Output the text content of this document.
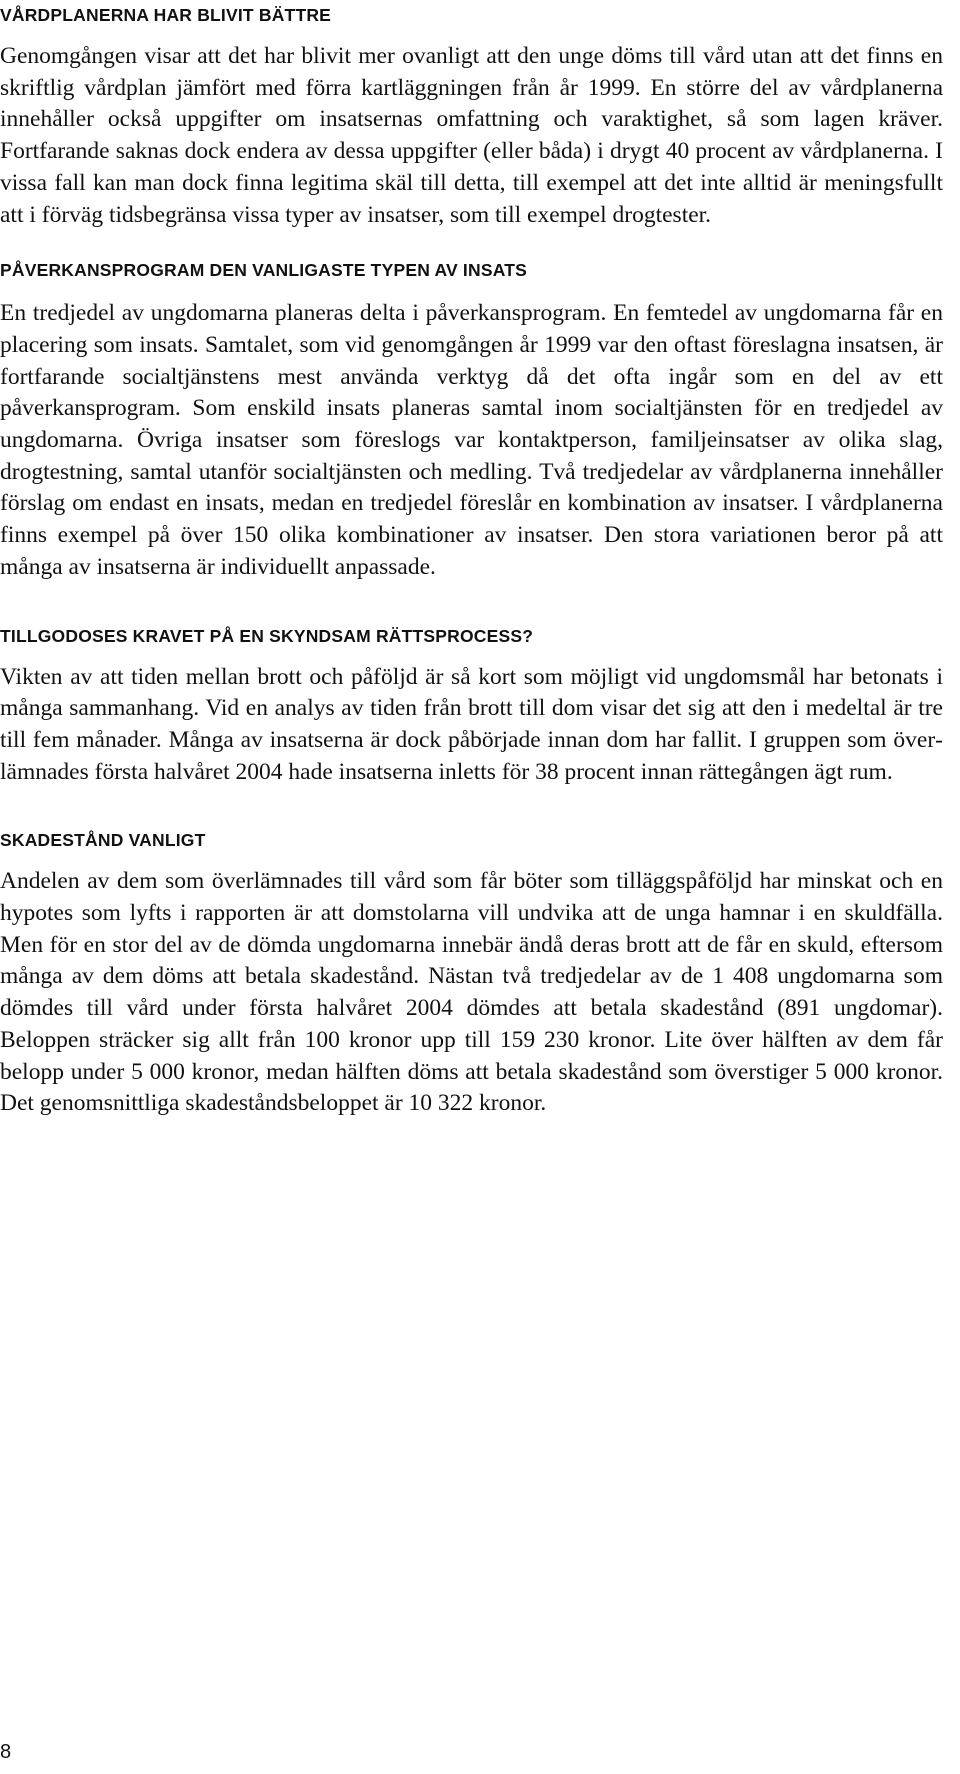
VÅRDPLANERNA HAR BLIVIT BÄTTRE

Genomgången visar att det har blivit mer ovanligt att den unge döms till vård utan att det finns en skriftlig vårdplan jämfört med förra kartläggningen från år 1999. En större del av vårdplanerna innehåller också uppgifter om insatsernas omfattning och varaktighet, så som lagen kräver. Fortfarande saknas dock endera av dessa uppgifter (eller båda) i drygt 40 procent av vårdplanerna. I vissa fall kan man dock finna legitima skäl till detta, till exempel att det inte alltid är meningsfullt att i förväg tidsbegränsa vissa typer av insatser, som till exempel drogtester.

PÅVERKANSPROGRAM DEN VANLIGASTE TYPEN AV INSATS

En tredjedel av ungdomarna planeras delta i påverkansprogram. En femtedel av ungdomarna får en placering som insats. Samtalet, som vid genomgången år 1999 var den oftast föreslagna insatsen, är fortfarande socialtjänstens mest använda verktyg då det ofta ingår som en del av ett påverkansprogram. Som enskild insats planeras samtal inom socialtjänsten för en tredjedel av ungdomarna. Övriga insatser som föreslogs var kontaktperson, familjeinsatser av olika slag, drogtestning, samtal utanför socialtjänsten och medling. Två tredjedelar av vårdplanerna innehåller förslag om endast en insats, medan en tredjedel föreslår en kombination av insatser. I vårdplanerna finns exempel på över 150 olika kombinationer av insatser. Den stora variationen beror på att många av insatserna är individuellt anpassade.

TILLGODOSES KRAVET PÅ EN SKYNDSAM RÄTTSPROCESS?

Vikten av att tiden mellan brott och påföljd är så kort som möjligt vid ungdomsmål har betonats i många sammanhang. Vid en analys av tiden från brott till dom visar det sig att den i medeltal är tre till fem månader. Många av insatserna är dock påbörjade innan dom har fallit. I gruppen som överlämnades första halvåret 2004 hade insatserna inletts för 38 procent innan rättegången ägt rum.

SKADESTÅND VANLIGT

Andelen av dem som överlämnades till vård som får böter som tilläggspåföljd har minskat och en hypotes som lyfts i rapporten är att domstolarna vill undvika att de unga hamnar i en skuldfälla. Men för en stor del av de dömda ungdomarna innebär ändå deras brott att de får en skuld, eftersom många av dem döms att betala skadestånd. Nästan två tredjedelar av de 1 408 ungdomarna som dömdes till vård under första halvåret 2004 dömdes att betala skadestånd (891 ungdomar). Beloppen sträcker sig allt från 100 kronor upp till 159 230 kronor. Lite över hälften av dem får belopp under 5 000 kronor, medan hälften döms att betala skadestånd som överstiger 5 000 kronor. Det genomsnittliga skadeståndsbeloppet är 10 322 kronor.

8
